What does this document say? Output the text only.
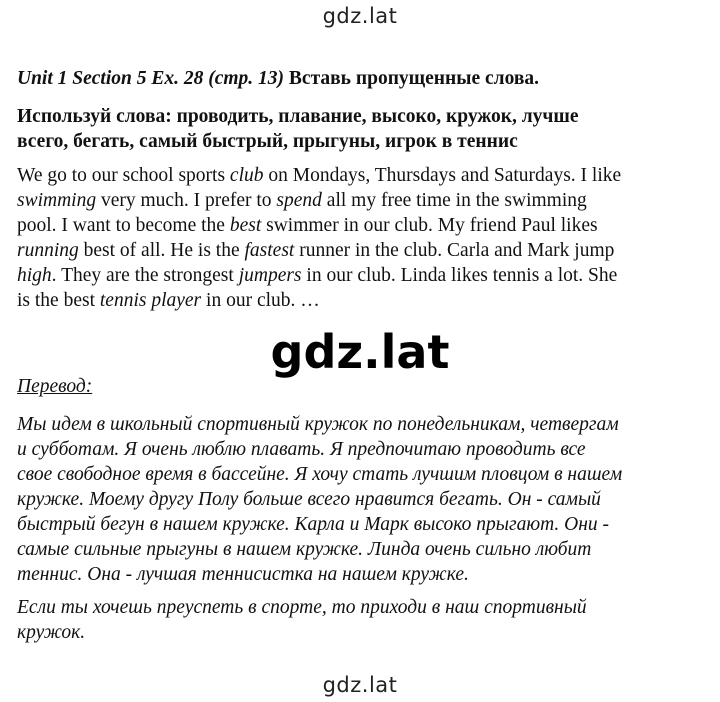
gdz.lat

Unit 1 Section 5 Ex. 28 (стр. 13) Вставь пропущенные слова.

Используй слова: проводить, плавание, высоко, кружок, лучше
всего, бегать, самый быстрый, прыгуны, игрок в теннис

We go to our school sports club on Mondays, Thursdays and Saturdays. I like
swimming very much. I prefer to spend all my free time in the swimming
pool. I want to become the best swimmer in our club. My friend Paul likes
running best of all. He is the fastest runner in the club. Carla and Mark jump
high. They are the strongest jumpers in our club. Linda likes tennis a lot. She
is the best tennis player in our club. …

gdz.lat
Перевод:

Мы идем в школьный спортивный кружок по понедельникам, четвергам
и субботам. Я очень люблю плавать. Я предпочитаю проводить все
свое свободное время в бассейне. Я хочу стать лучшим пловцом в нашем
кружке. Моему другу Полу больше всего нравится бегать. Он - самый
быстрый бегун в нашем кружке. Карла и Марк высоко прыгают. Они -
самые сильные прыгуны в нашем кружке. Линда очень сильно любит
теннис. Она - лучшая теннисистка на нашем кружке.

Если ты хочешь преуспеть в спорте, то приходи в наш спортивный
кружок.

gdz.lat
